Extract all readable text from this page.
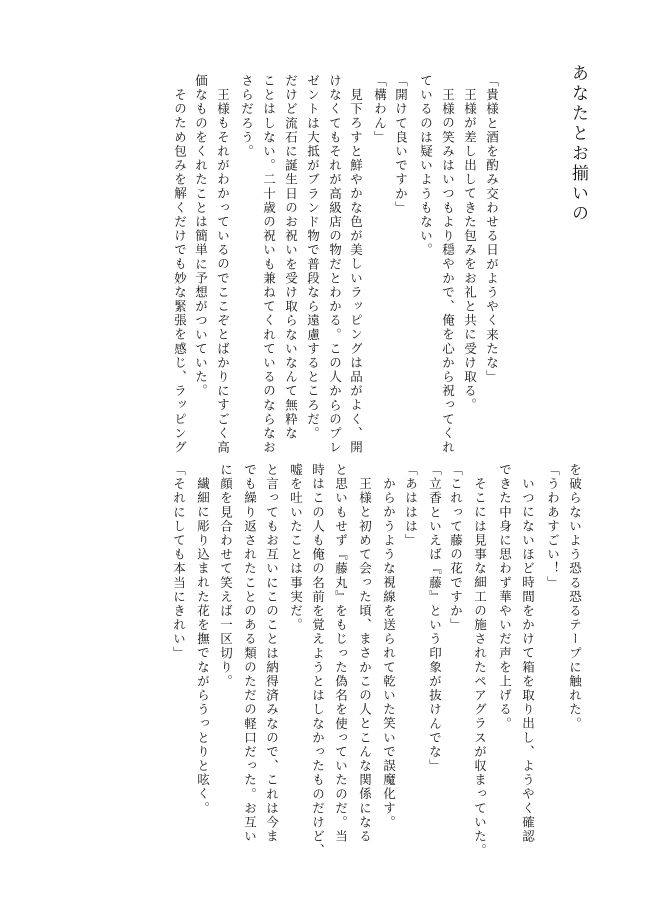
あなたとお揃いの
「貴様と酒を酌み交わせる日がようやく来たな」
王様が差し出してきた包みをお礼と共に受け取る。
王様の笑みはいつもより穏やかで、俺を心から祝ってくれ
ているのは疑いようもない。
「開けて良いですか」
「構わん」
見下ろすと鮮やかな色が美しいラッピングは品がよく、開
けなくてもそれが高級店の物だとわかる。この人からのプレ
ゼントは大抵がブランド物で普段なら遠慮するところだ。
だけど流石に誕生日のお祝いを受け取らないなんて無粋な
ことはしない。二十歳の祝いも兼ねてくれているのならなお
さらだろう。
王様もそれがわかっているのでここぞとばかりにすごく高
価なものをくれたことは簡単に予想がついていた。
そのため包みを解くだけでも妙な緊張を感じ、ラッピング
を破らないよう恐る恐るテープに触れた。
「うわあすごい！」
いつにないほど時間をかけて箱を取り出し、ようやく確認
できた中身に思わず華やいだ声を上げる。
そこには見事な細工の施されたペアグラスが収まっていた。
「これって藤の花ですか」
「立香といえば『藤』という印象が抜けんでな」
「あははは」
からかうような視線を送られて乾いた笑いで誤魔化す。
王様と初めて会った頃、まさかこの人とこんな関係になる
と思いもせず『藤丸』をもじった偽名を使っていたのだ。当
時はこの人も俺の名前を覚えようとはしなかったものだけど、
嘘を吐いたことは事実だ。
と言ってもお互いにこのことは納得済みなので、これは今ま
でも繰り返されたことのある類のただの軽口だった。お互い
に顔を見合わせて笑えば一区切り。
繊細に彫り込まれた花を撫でながらうっとりと呟く。
「それにしても本当にきれい」
